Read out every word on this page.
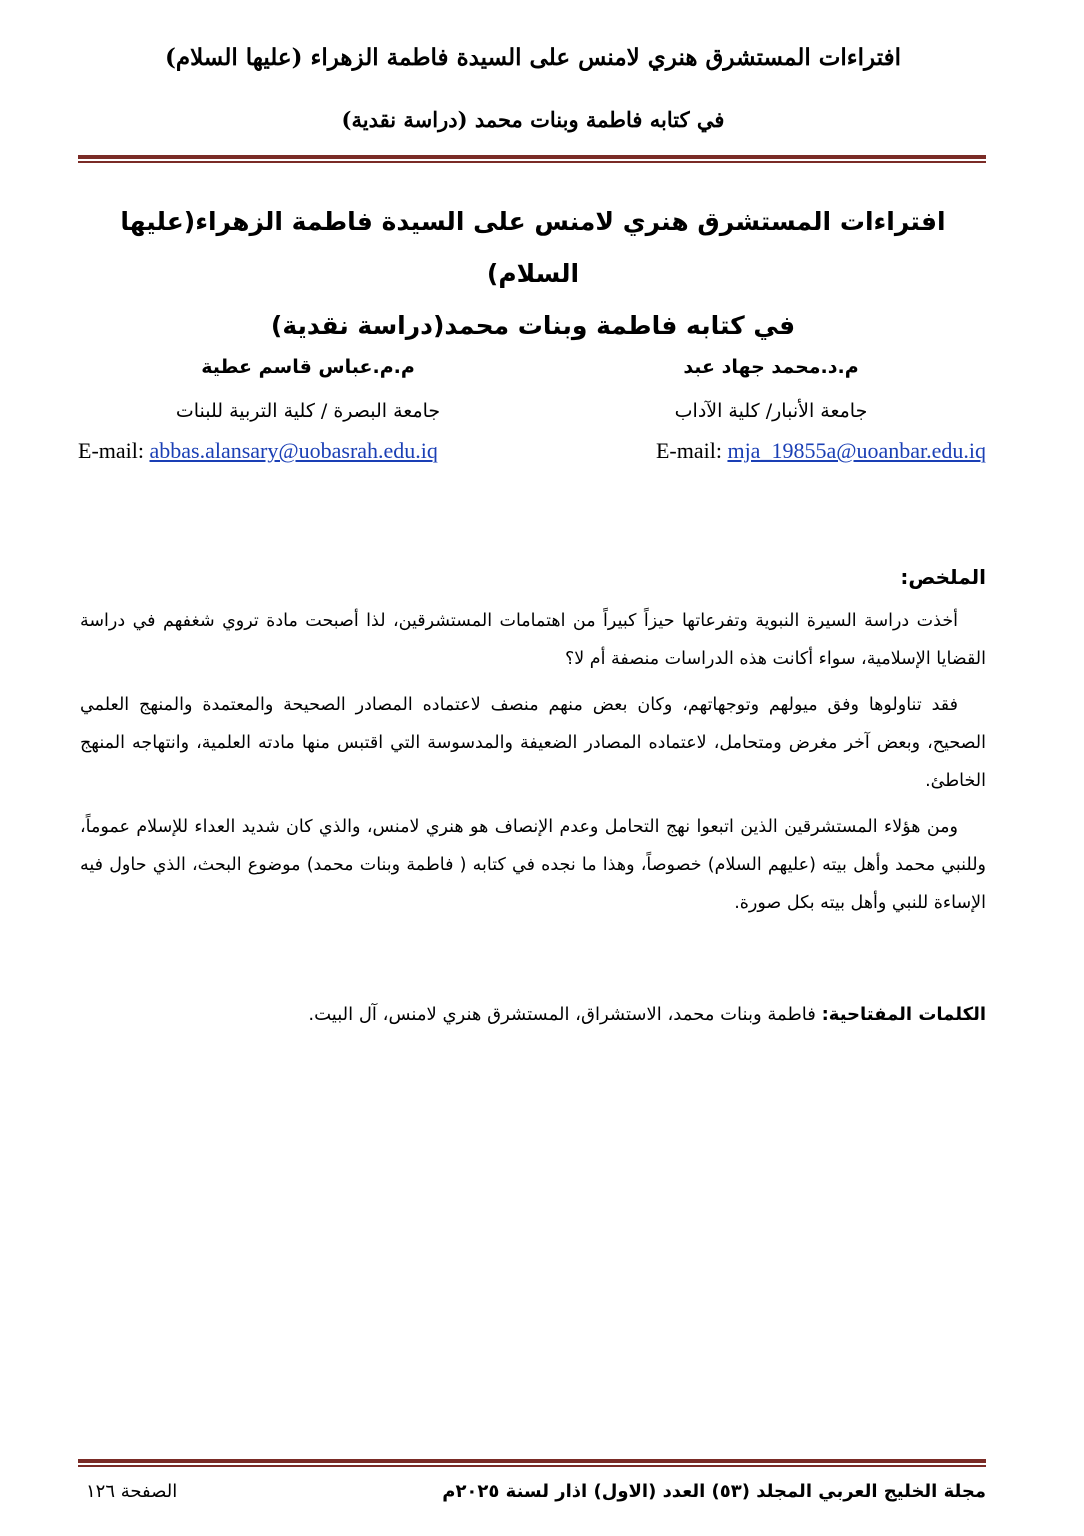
افتراءات المستشرق هنري لامنس على السيدة فاطمة الزهراء (عليها السلام)
في كتابه فاطمة وبنات محمد (دراسة نقدية)
افتراءات المستشرق هنري لامنس على السيدة فاطمة الزهراء(عليها السلام)
في كتابه فاطمة وبنات محمد(دراسة نقدية)
م.د.محمد جهاد عبد
جامعة الأنبار/ كلية الآداب
E-mail: mja_19855a@uoanbar.edu.iq
م.م.عباس قاسم عطية
جامعة البصرة / كلية التربية للبنات
E-mail: abbas.alansary@uobasrah.edu.iq
الملخص:

أخذت دراسة السيرة النبوية وتفرعاتها حيزاً كبيراً من اهتمامات المستشرقين، لذا أصبحت مادة تروي شغفهم في دراسة القضايا الإسلامية، سواء أكانت هذه الدراسات منصفة أم لا؟

فقد تناولوها وفق ميولهم وتوجهاتهم، وكان بعض منهم منصف لاعتماده المصادر الصحيحة والمعتمدة والمنهج العلمي الصحيح، وبعض آخر مغرض ومتحامل، لاعتماده المصادر الضعيفة والمدسوسة التي اقتبس منها مادته العلمية، وانتهاجه المنهج الخاطئ.

ومن هؤلاء المستشرقين الذين اتبعوا نهج التحامل وعدم الإنصاف هو هنري لامنس، والذي كان شديد العداء للإسلام عموماً، وللنبي محمد وأهل بيته (عليهم السلام) خصوصاً، وهذا ما نجده في كتابه ( فاطمة وبنات محمد) موضوع البحث، الذي حاول فيه الإساءة للنبي وأهل بيته بكل صورة.

الكلمات المفتاحية: فاطمة وبنات محمد، الاستشراق، المستشرق هنري لامنس، آل البيت.
مجلة الخليج العربي المجلد (٥٣) العدد (الاول) اذار لسنة ٢٠٢٥م
الصفحة ١٢٦
